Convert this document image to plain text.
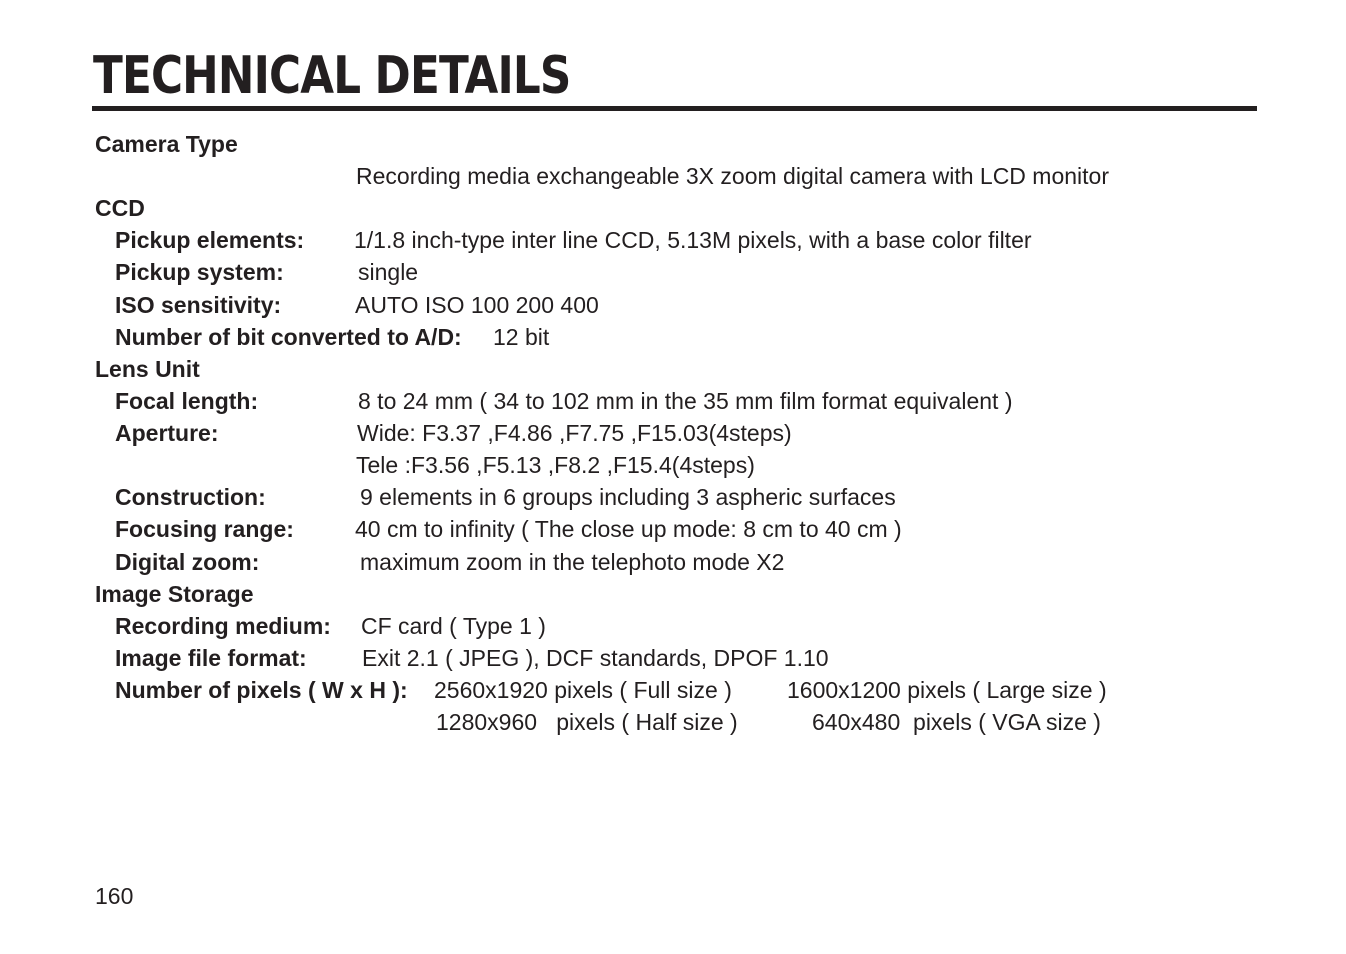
TECHNICAL DETAILS
Camera Type
Recording media exchangeable 3X zoom digital camera with LCD monitor
CCD
Pickup elements: 1/1.8 inch-type inter line CCD, 5.13M pixels, with a base color filter
Pickup system:	single
ISO sensitivity:	AUTO ISO 100 200 400
Number of bit converted to A/D: 12 bit
Lens Unit
Focal length:	8 to 24 mm ( 34 to 102 mm in the 35 mm film format equivalent )
Aperture:	Wide: F3.37 ,F4.86 ,F7.75 ,F15.03(4steps)
Tele :F3.56 ,F5.13 ,F8.2 ,F15.4(4steps)
Construction:	9 elements in 6 groups including 3 aspheric surfaces
Focusing range:	40 cm to infinity ( The close up mode: 8 cm to 40 cm )
Digital zoom:	maximum zoom in the telephoto mode X2
Image Storage
Recording medium: CF card ( Type 1 )
Image file format: Exit 2.1 ( JPEG ), DCF standards, DPOF 1.10
Number of pixels ( W x H ): 2560x1920 pixels ( Full size ) 1600x1200 pixels ( Large size )
1280x960   pixels ( Half size )	640x480  pixels ( VGA size )
160
